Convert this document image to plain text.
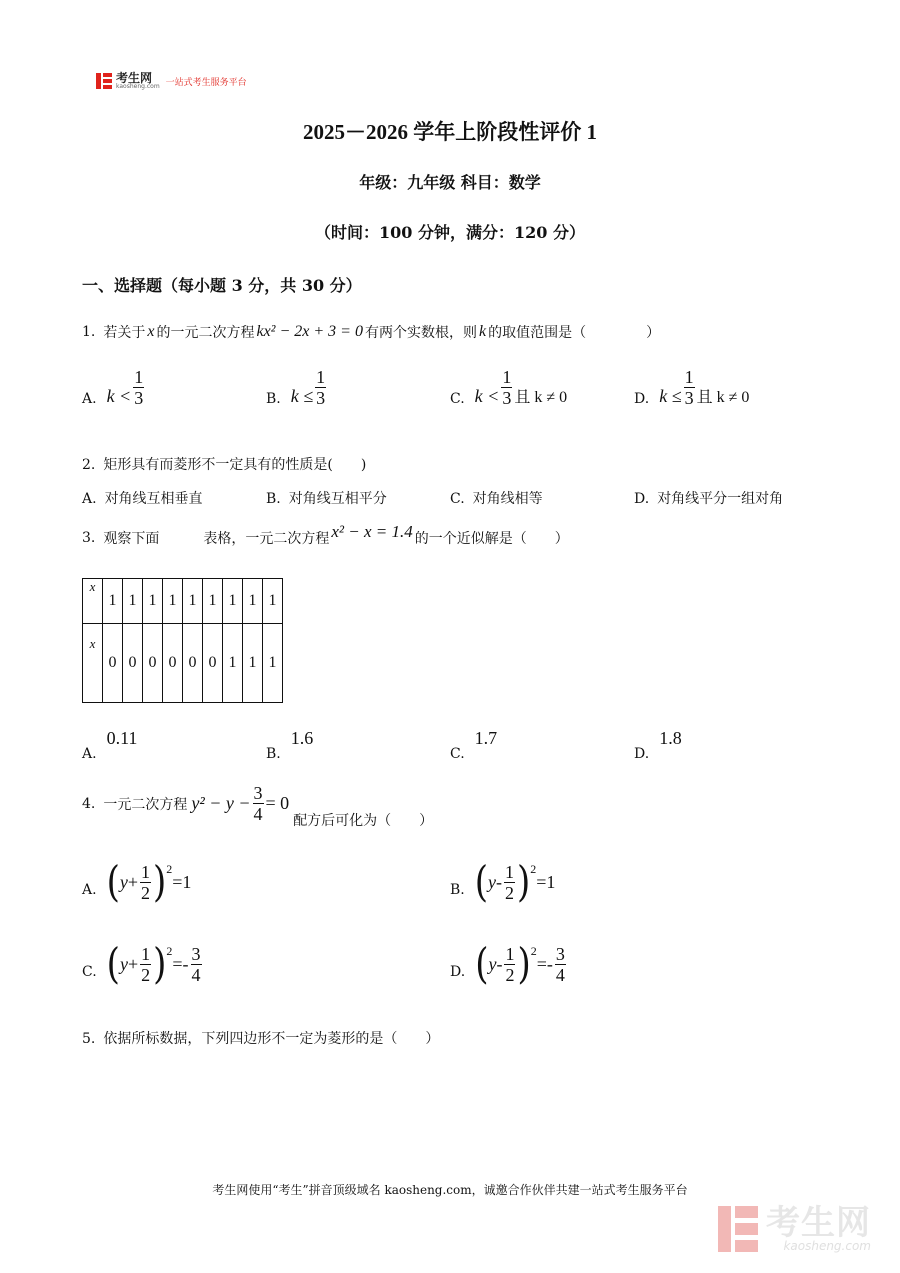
考生网
kaosheng.com 一站式考生服务平台
2025－2026 学年上阶段性评价 1
年级：九年级 科目：数学
（时间：100 分钟，满分：120 分）
一、选择题（每小题 3 分，共 30 分）
1. 若关于 x 的一元二次方程 kx² − 2x + 3 = 0 有两个实数根，则 k 的取值范围是（	）
A. $k < \frac{1}{3}$	B. $k \le \frac{1}{3}$	C. $k < \frac{1}{3}$ 且 k ≠ 0	D. $k \le \frac{1}{3}$ 且 k ≠ 0
2. 矩形具有而菱形不一定具有的性质是(　　)
A. 对角线互相垂直	B. 对角线互相平分	C. 对角线相等	D. 对角线平分一组对角
3. 观察下面	表格，一元二次方程 x² − x = 1.4 的一个近似解是（　　）
x	1	1	1	1	1	1	1	1	1
x	0	0	0	0	0	0	1	1	1
A.0.11
B.1.6
C.1.7
D.1.8
4. 一元二次方程 $y^2 - y - \frac{3}{4} = 0$
配方后可化为（　　）
A. ( $y + \frac{1}{2} )^2$
=1	B. ( y - $\frac{1}{2} )^2$
=1
C. ( $y + \frac{1}{2} )^2$
=- $\frac{3}{4}$	D. ( y - $\frac{1}{2} )^2$
=- $\frac{3}{4}$
5. 依据所标数据，下列四边形不一定为菱形的是（　　）
考生网使用“考生”拼音顶级域名 kaosheng.com，诚邀合作伙伴共建一站式考生服务平台
考生网
kaosheng.com
